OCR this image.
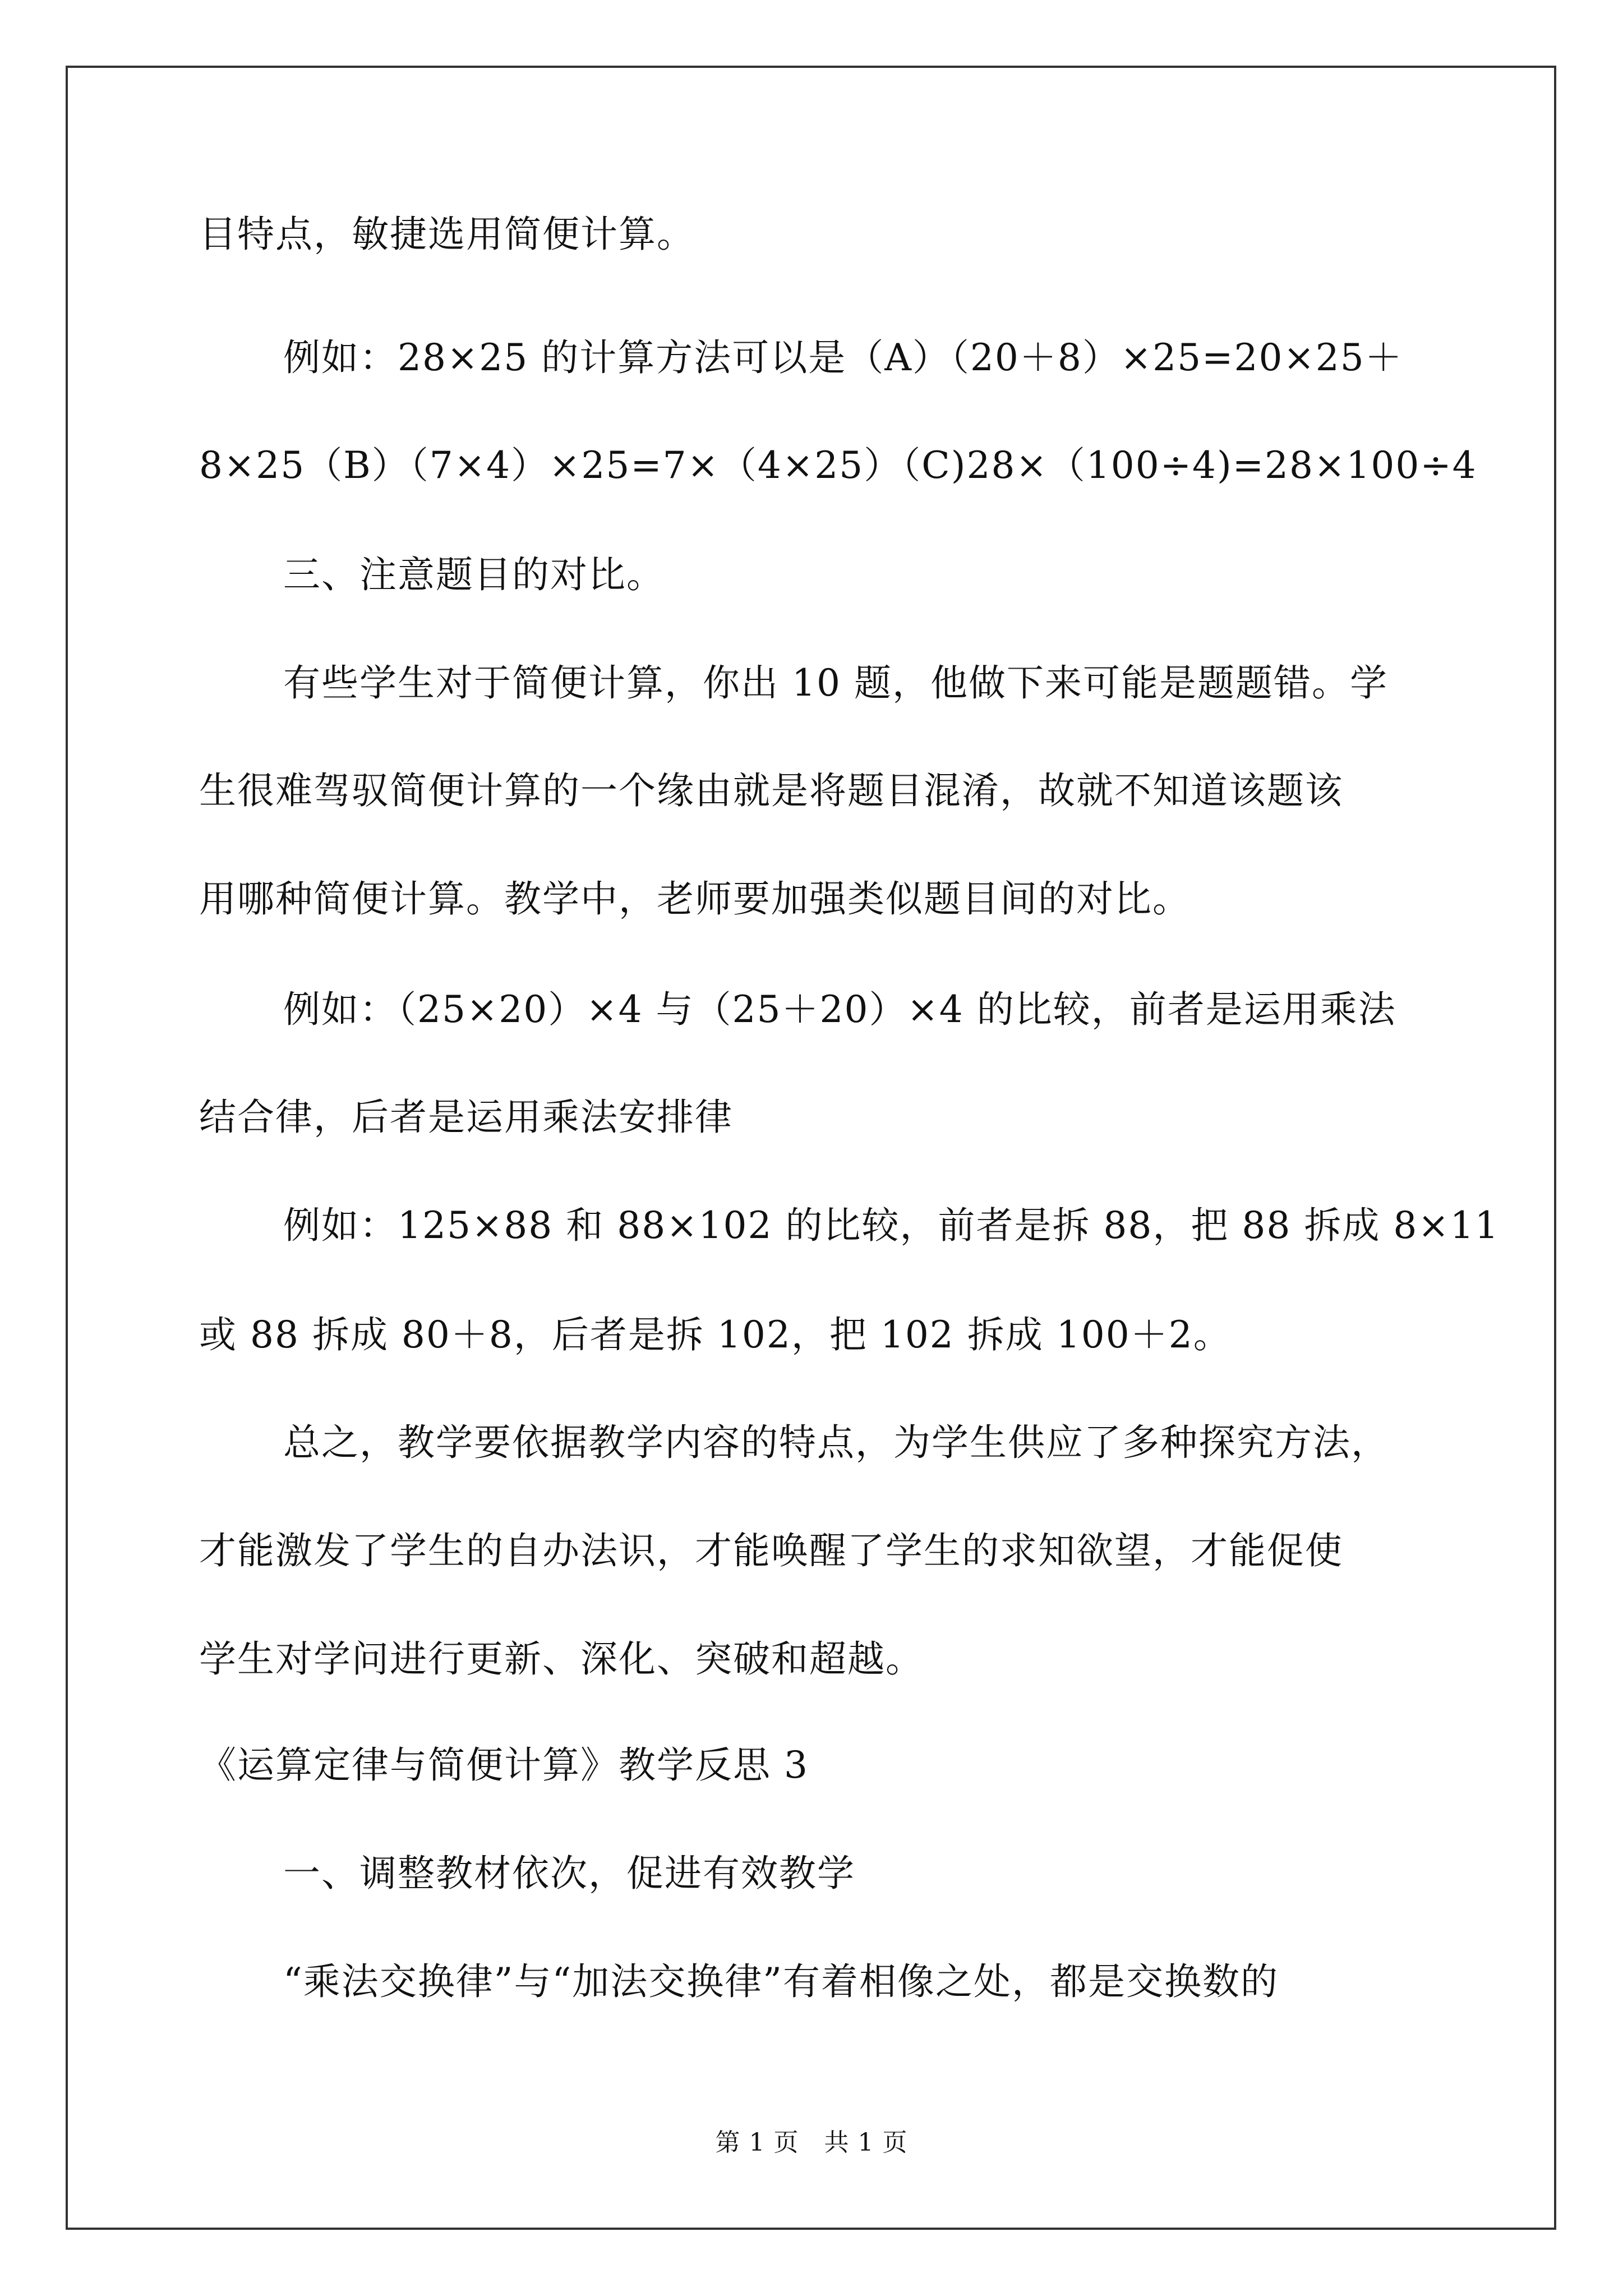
目特点，敏捷选用简便计算。
例如：28×25 的计算方法可以是（A）（20＋8）×25=20×25＋
8×25（B）（7×4）×25=7×（4×25）（C)28×（100÷4)=28×100÷4
三、注意题目的对比。
有些学生对于简便计算，你出 10 题，他做下来可能是题题错。学
生很难驾驭简便计算的一个缘由就是将题目混淆，故就不知道该题该
用哪种简便计算。教学中，老师要加强类似题目间的对比。
例如：（25×20）×4 与（25＋20）×4 的比较，前者是运用乘法
结合律，后者是运用乘法安排律
例如：125×88 和 88×102 的比较，前者是拆 88，把 88 拆成 8×11
或 88 拆成 80＋8，后者是拆 102，把 102 拆成 100＋2。
总之，教学要依据教学内容的特点，为学生供应了多种探究方法，
才能激发了学生的自办法识，才能唤醒了学生的求知欲望，才能促使
学生对学问进行更新、深化、突破和超越。
《运算定律与简便计算》教学反思 3
一、调整教材依次，促进有效教学
“乘法交换律”与“加法交换律”有着相像之处，都是交换数的
第 1 页　共 1 页
